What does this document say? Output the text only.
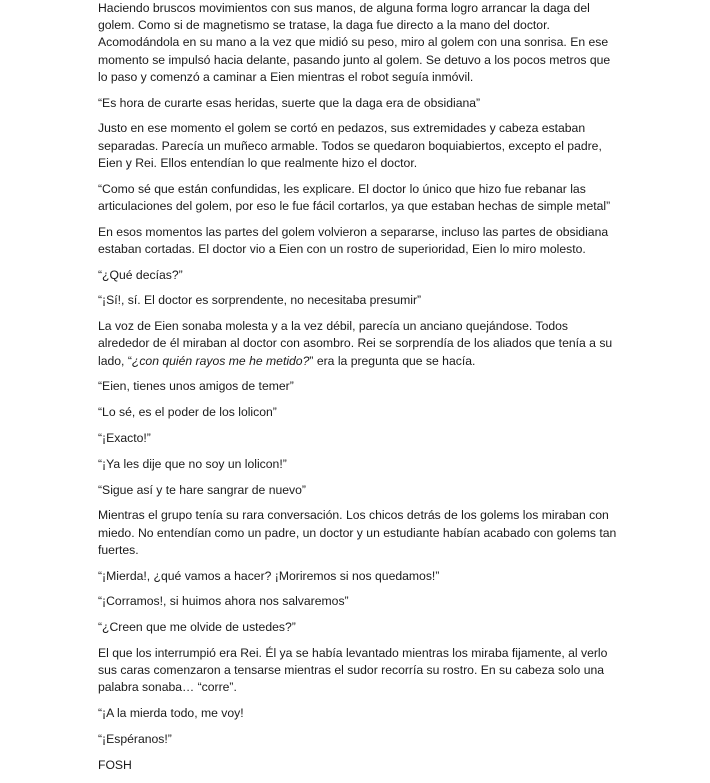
Haciendo bruscos movimientos con sus manos, de alguna forma logro arrancar la daga del golem. Como si de magnetismo se tratase, la daga fue directo a la mano del doctor. Acomodándola en su mano a la vez que midió su peso, miro al golem con una sonrisa. En ese momento se impulsó hacia delante, pasando junto al golem. Se detuvo a los pocos metros que lo paso y comenzó a caminar a Eien mientras el robot seguía inmóvil.

“Es hora de curarte esas heridas, suerte que la daga era de obsidiana”

Justo en ese momento el golem se cortó en pedazos, sus extremidades y cabeza estaban separadas. Parecía un muñeco armable. Todos se quedaron boquiabiertos, excepto el padre, Eien y Rei. Ellos entendían lo que realmente hizo el doctor.

“Como sé que están confundidas, les explicare. El doctor lo único que hizo fue rebanar las articulaciones del golem, por eso le fue fácil cortarlos, ya que estaban hechas de simple metal”

En esos momentos las partes del golem volvieron a separarse, incluso las partes de obsidiana estaban cortadas. El doctor vio a Eien con un rostro de superioridad, Eien lo miro molesto.

“¿Qué decías?”

“¡Sí!, sí. El doctor es sorprendente, no necesitaba presumir”

La voz de Eien sonaba molesta y a la vez débil, parecía un anciano quejándose. Todos alrededor de él miraban al doctor con asombro. Rei se sorprendía de los aliados que tenía a su lado, “¿con quién rayos me he metido?” era la pregunta que se hacía.

“Eien, tienes unos amigos de temer”

“Lo sé, es el poder de los lolicon”

“¡Exacto!”

“¡Ya les dije que no soy un lolicon!”

“Sigue así y te hare sangrar de nuevo”

Mientras el grupo tenía su rara conversación. Los chicos detrás de los golems los miraban con miedo. No entendían como un padre, un doctor y un estudiante habían acabado con golems tan fuertes.

“¡Mierda!, ¿qué vamos a hacer? ¡Moriremos si nos quedamos!”

“¡Corramos!, si huimos ahora nos salvaremos”

“¿Creen que me olvide de ustedes?”

El que los interrumpió era Rei. Él ya se había levantado mientras los miraba fijamente, al verlo sus caras comenzaron a tensarse mientras el sudor recorría su rostro. En su cabeza solo una palabra sonaba… “corre”.

“¡A la mierda todo, me voy!

“¡Espéranos!”

FOSH
